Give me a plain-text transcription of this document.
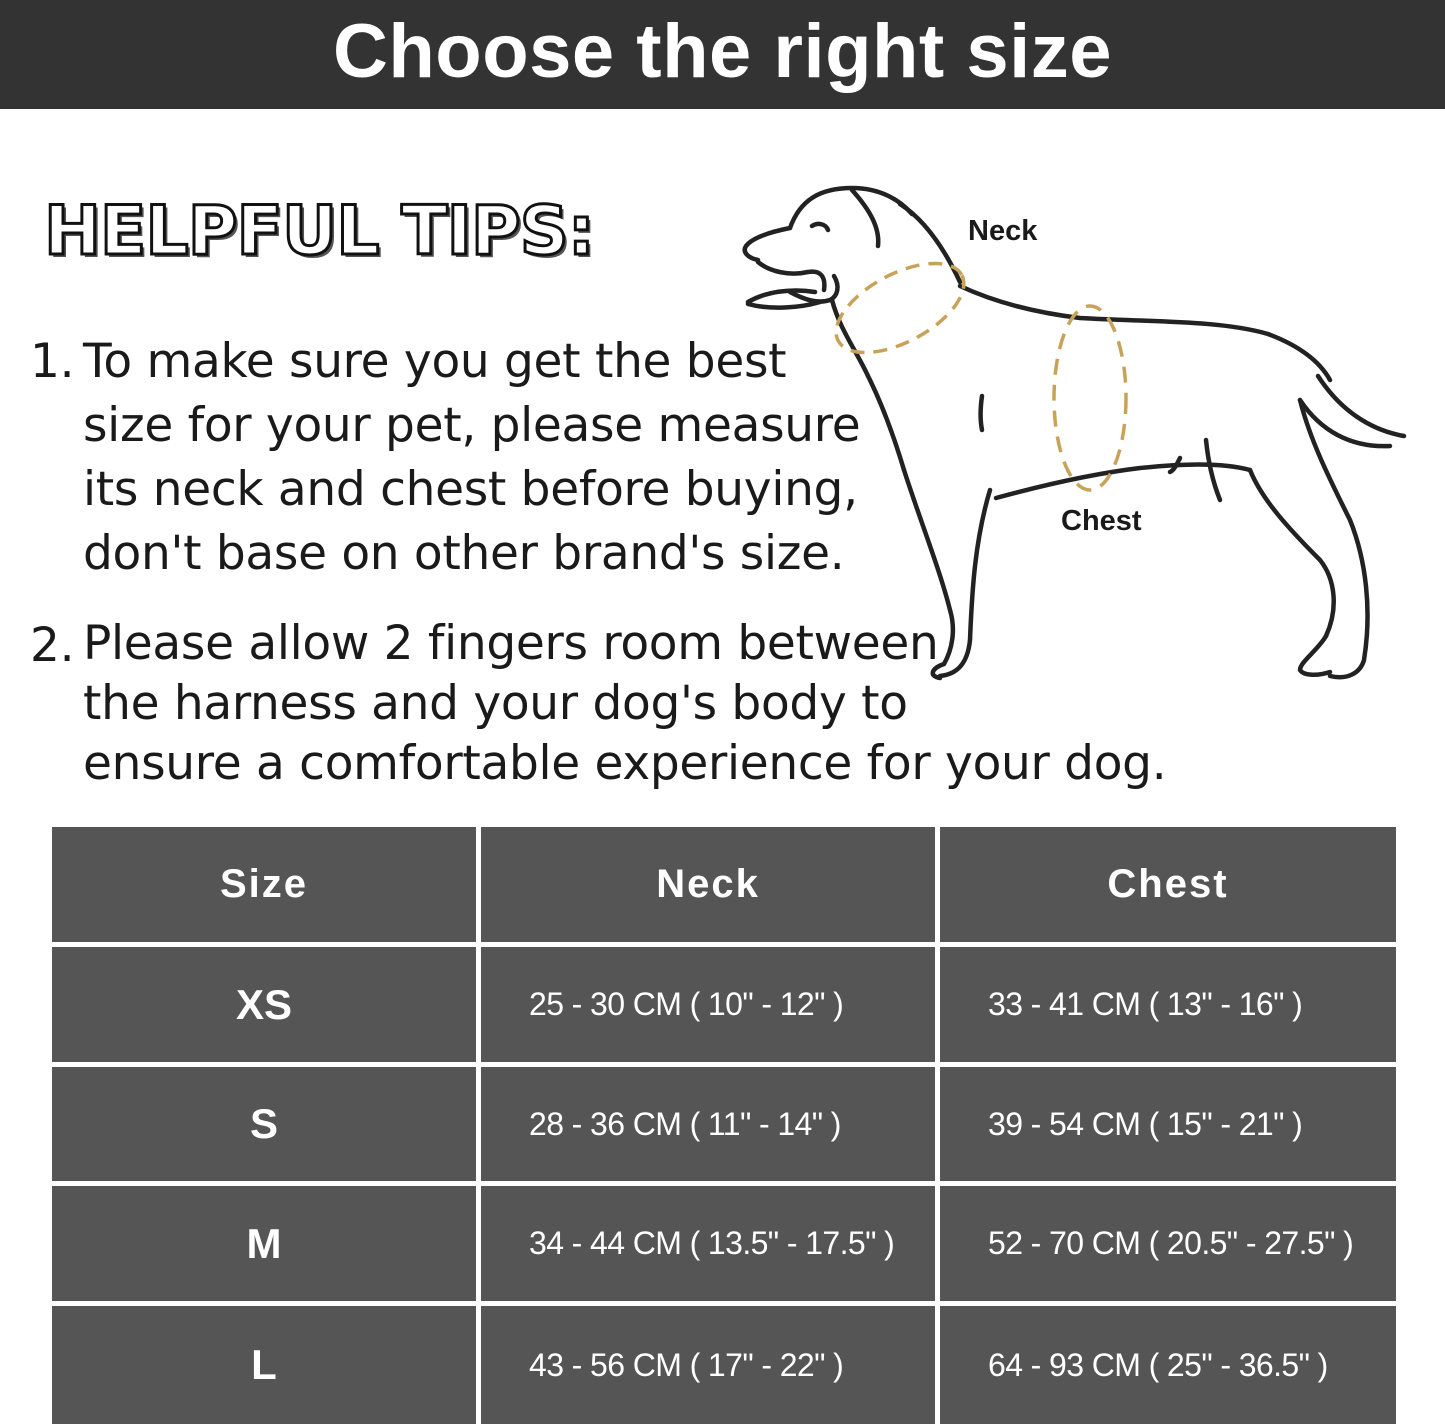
Choose the right size
HELPFUL TIPS:
1. To make sure you get the best
size for your pet, please measure
its neck and chest before buying,
don't base on other brand's size.
2. Please allow 2 fingers room between
the harness and your dog's body to
ensure a comfortable experience for your dog.
Neck
Chest
Size	Neck	Chest
XS	25 - 30 CM ( 10" - 12" )	33 - 41 CM ( 13" - 16" )
S	28 - 36 CM ( 11" - 14" )	39 - 54 CM ( 15" - 21" )
M	34 - 44 CM ( 13.5" - 17.5" )	52 - 70 CM ( 20.5" - 27.5" )
L	43 - 56 CM ( 17" - 22" )	64 - 93 CM ( 25" - 36.5" )
